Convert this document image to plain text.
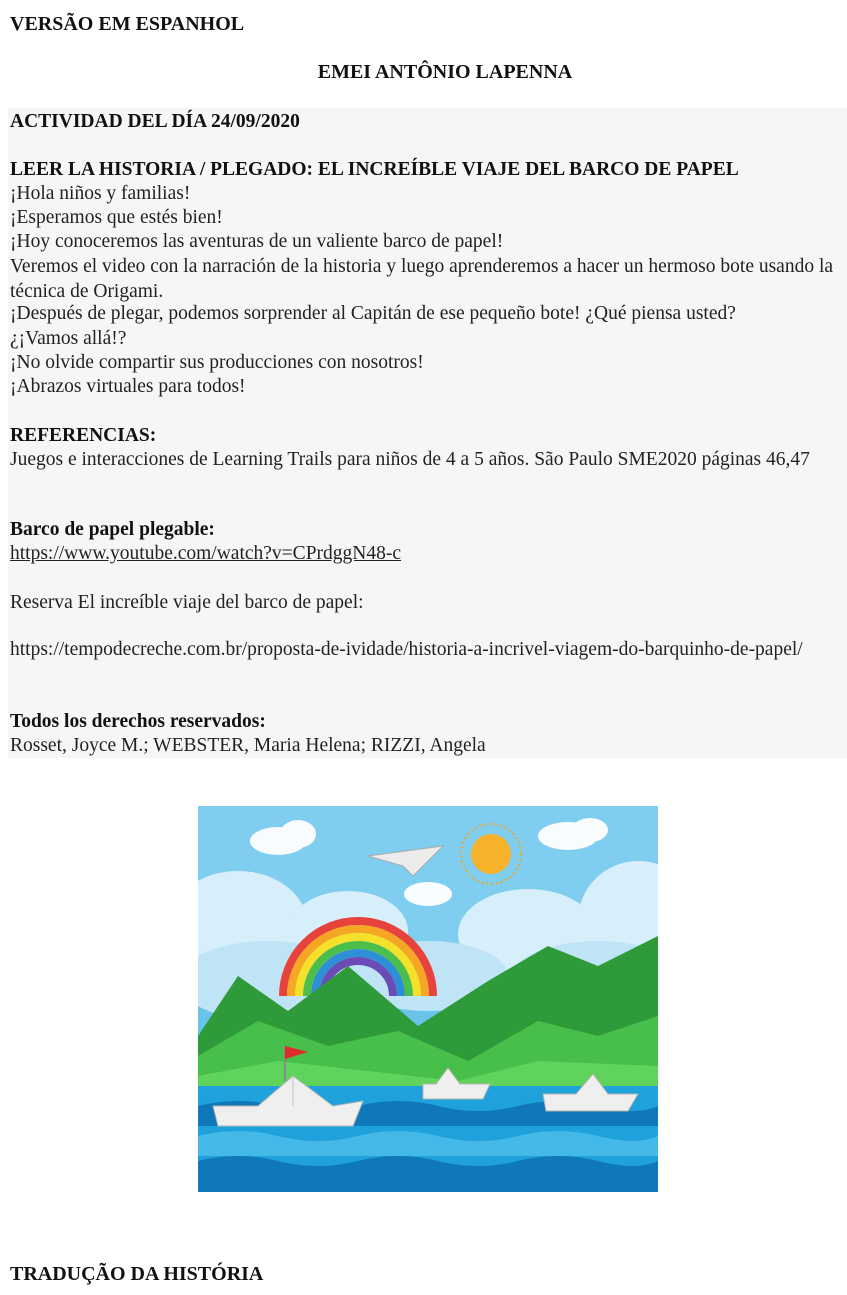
VERSÃO EM ESPANHOL
EMEI ANTÔNIO LAPENNA

ACTIVIDAD DEL DÍA 24/09/2020

LEER LA HISTORIA / PLEGADO: EL INCREÍBLE VIAJE DEL BARCO DE PAPEL

¡Hola niños y familias!

¡Esperamos que estés bien!

¡Hoy conoceremos las aventuras de un valiente barco de papel!

Veremos el video con la narración de la historia y luego aprenderemos a hacer un hermoso bote usando la técnica de Origami.

¡Después de plegar, podemos sorprender al Capitán de ese pequeño bote! ¿Qué piensa usted?

¿¡Vamos allá!?

¡No olvide compartir sus producciones con nosotros!

¡Abrazos virtuales para todos!

REFERENCIAS:

Juegos e interacciones de Learning Trails para niños de 4 a 5 años. São Paulo SME2020 páginas 46,47

Barco de papel plegable:

https://www.youtube.com/watch?v=CPrdggN48-c

Reserva El increíble viaje del barco de papel:

https://tempodecreche.com.br/proposta-de-ividade/historia-a-incrivel-viagem-do-barquinho-de-papel/

Todos los derechos reservados:

Rosset, Joyce M.; WEBSTER, Maria Helena; RIZZI, Angela

TRADUÇÃO DA HISTÓRIA
